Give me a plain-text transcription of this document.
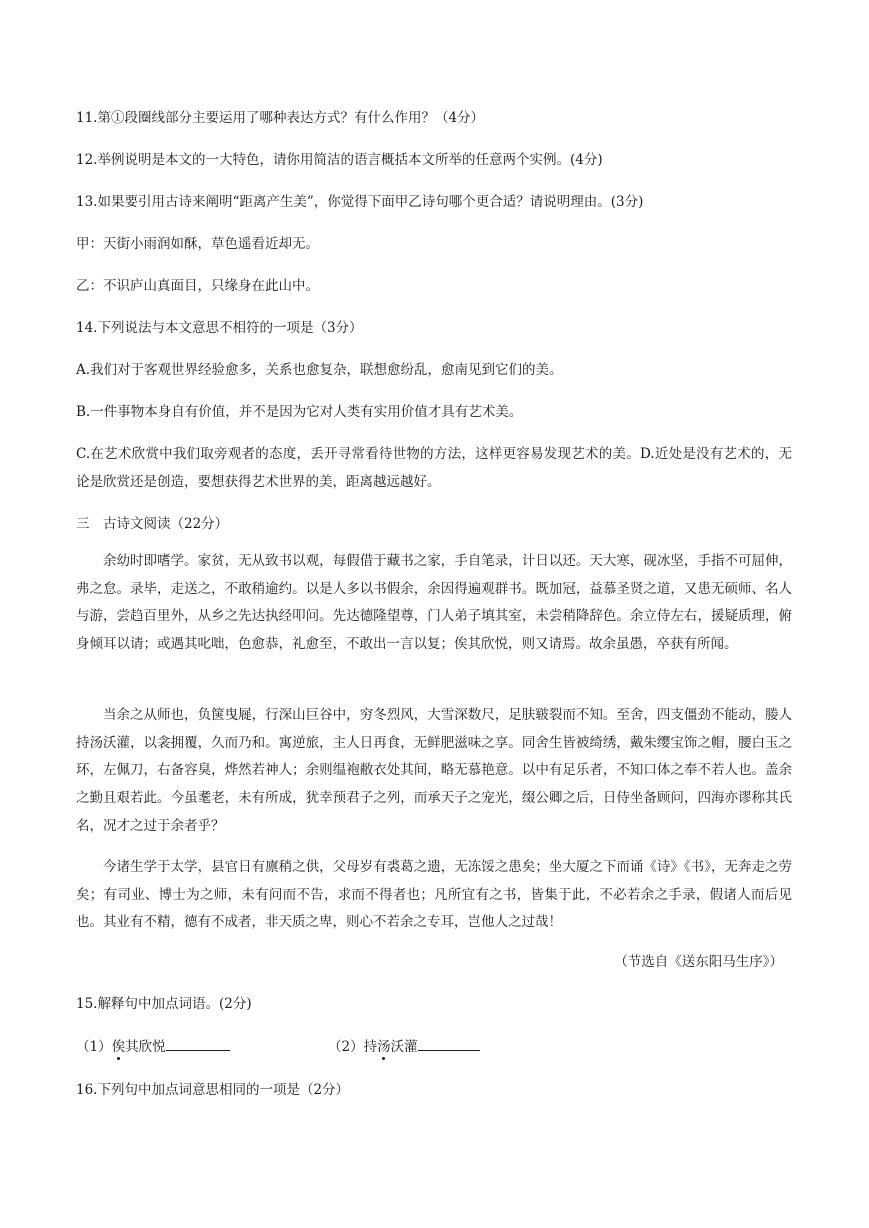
11.第①段圈线部分主要运用了哪种表达方式？有什么作用？（4分）
12.举例说明是本文的一大特色，请你用简洁的语言概括本文所举的任意两个实例。(4分)
13.如果要引用古诗来阐明“距离产生美”，你觉得下面甲乙诗句哪个更合适？请说明理由。(3分)
甲：天街小雨润如酥，草色遥看近却无。
乙：不识庐山真面目，只缘身在此山中。
14.下列说法与本文意思不相符的一项是（3分）
A.我们对于客观世界经验愈多，关系也愈复杂，联想愈纷乱，愈南见到它们的美。
B.一件事物本身自有价值，并不是因为它对人类有实用价值才具有艺术美。

C.在艺术欣赏中我们取旁观者的态度，丢开寻常看待世物的方法，这样更容易发现艺术的美。D.近处是没有艺术的，无论是欣赏还是创造，要想获得艺术世界的美，距离越远越好。

三　古诗文阅读（22分）

余幼时即嗜学。家贫，无从致书以观，每假借于藏书之家，手自笔录，计日以还。天大寒，砚冰坚，手指不可屈伸，弗之怠。录毕，走送之，不敢稍逾约。以是人多以书假余，余因得遍观群书。既加冠，益慕圣贤之道，又患无硕师、名人与游，尝趋百里外，从乡之先达执经叩问。先达德隆望尊，门人弟子填其室，未尝稍降辞色。余立侍左右，援疑质理，俯身倾耳以请；或遇其叱咄，色愈恭，礼愈至，不敢出一言以复；俟其欣悦，则又请焉。故余虽愚，卒获有所闻。

当余之从师也，负箧曳屣，行深山巨谷中，穷冬烈风，大雪深数尺，足肤皲裂而不知。至舍，四支僵劲不能动，媵人持汤沃灌，以衾拥覆，久而乃和。寓逆旅，主人日再食，无鲜肥滋味之享。同舍生皆被绮绣，戴朱缨宝饰之帽，腰白玉之环，左佩刀，右备容臭，烨然若神人；余则缊袍敝衣处其间，略无慕艳意。以中有足乐者，不知口体之奉不若人也。盖余之勤且艰若此。今虽耄老，未有所成，犹幸预君子之列，而承天子之宠光，缀公卿之后，日侍坐备顾问，四海亦谬称其氏名，况才之过于余者乎？

今诸生学于太学，县官日有廪稍之供，父母岁有裘葛之遗，无冻馁之患矣；坐大厦之下而诵《诗》《书》，无奔走之劳矣；有司业、博士为之师，未有问而不告，求而不得者也；凡所宜有之书，皆集于此，不必若余之手录，假诸人而后见也。其业有不精，德有不成者，非天质之卑，则心不若余之专耳，岂他人之过哉！

（节选自《送东阳马生序》）
15.解释句中加点词语。(2分)
（1）俟其欣悦	（2）持汤沃灌
16.下列句中加点词意思相同的一项是（2分）
